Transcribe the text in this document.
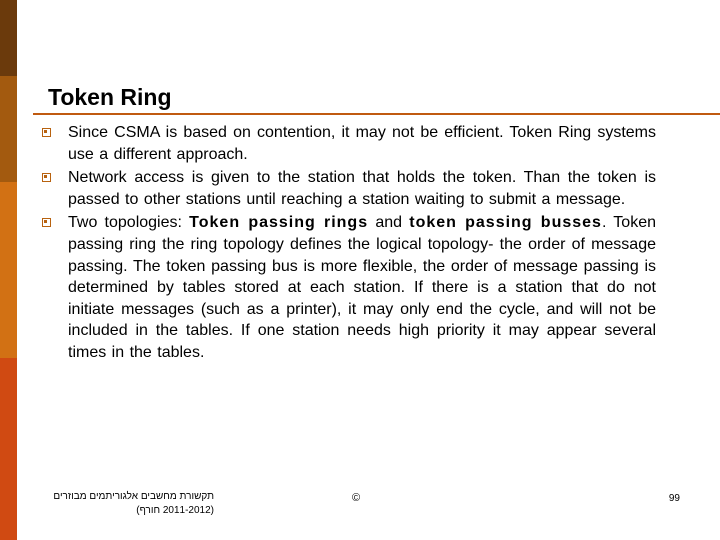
Token Ring
Since CSMA is based on contention, it may not be efficient. Token Ring systems use a different approach.
Network access is given to the station that holds the token. Than the token is passed to other stations until reaching a station waiting to submit a message.
Two topologies: Token passing rings and token passing busses. Token passing ring the ring topology defines the logical topology- the order of message passing. The token passing bus is more flexible, the order of message passing is determined by tables stored at each station. If there is a station that do not initiate messages (such as a printer), it may only end the cycle, and will not be included in the tables. If one station needs high priority it may appear several times in the tables.
תקשורת מחשבים אלגוריתמים מבוזרים
(2011-2012 חורף)
©	99
